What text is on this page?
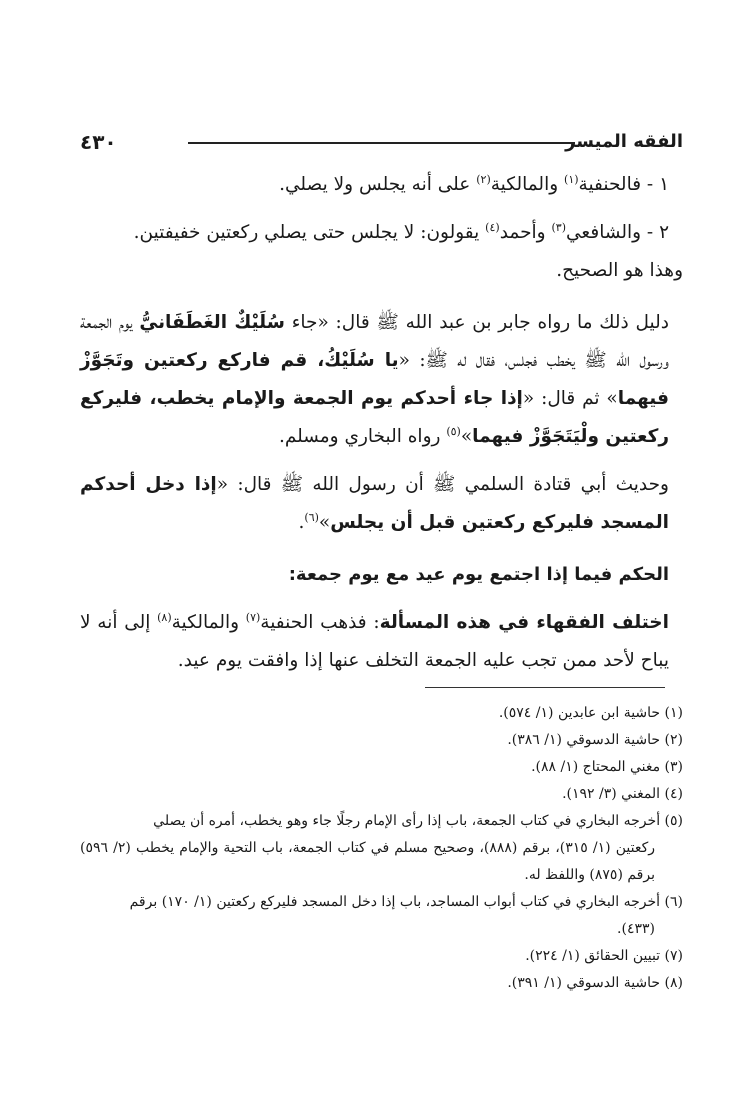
الفقه الميسر
٤٣٠

١ - فالحنفية$^{(١)}$ والمالكية$^{(٢)}$ على أنه يجلس ولا يصلي.

٢ - والشافعي$^{(٣)}$ وأحمد$^{(٤)}$ يقولون: لا يجلس حتى يصلي ركعتين خفيفتين.

وهذا هو الصحيح.

دليل ذلك ما رواه جابر بن عبد الله ﷺ قال: «جاء سُلَيْكٌ الغَطَفَانيُّ يوم الجمعة ورسول الله ﷺ يخطب فجلس، فقال له ﷺ: «يا سُلَيْكُ، قم فاركع ركعتين وتَجَوَّزْ فيهما» ثم قال: «إذا جاء أحدكم يوم الجمعة والإمام يخطب، فليركع ركعتين ولْيَتَجَوَّزْ فيهما»$^{(٥)}$ رواه البخاري ومسلم.

وحديث أبي قتادة السلمي ﷺ أن رسول الله ﷺ قال: «إذا دخل أحدكم المسجد فليركع ركعتين قبل أن يجلس»$^{(٦)}$.

الحكم فيما إذا اجتمع يوم عيد مع يوم جمعة:

اختلف الفقهاء في هذه المسألة: فذهب الحنفية$^{(٧)}$ والمالكية$^{(٨)}$ إلى أنه لا يباح لأحد ممن تجب عليه الجمعة التخلف عنها إذا وافقت يوم عيد.

(١) حاشية ابن عابدين (١/ ٥٧٤).

(٢) حاشية الدسوقي (١/ ٣٨٦).

(٣) مغني المحتاج (١/ ٨٨).

(٤) المغني (٣/ ١٩٢).

(٥) أخرجه البخاري في كتاب الجمعة، باب إذا رأى الإمام رجلًا جاء وهو يخطب، أمره أن يصلي

ركعتين (١/ ٣١٥)، برقم (٨٨٨)، وصحيح مسلم في كتاب الجمعة، باب التحية والإمام يخطب (٢/ ٥٩٦) برقم (٨٧٥) واللفظ له.

(٦) أخرجه البخاري في كتاب أبواب المساجد، باب إذا دخل المسجد فليركع ركعتين (١/ ١٧٠) برقم

(٤٣٣).

(٧) تبيين الحقائق (١/ ٢٢٤).

(٨) حاشية الدسوقي (١/ ٣٩١).
